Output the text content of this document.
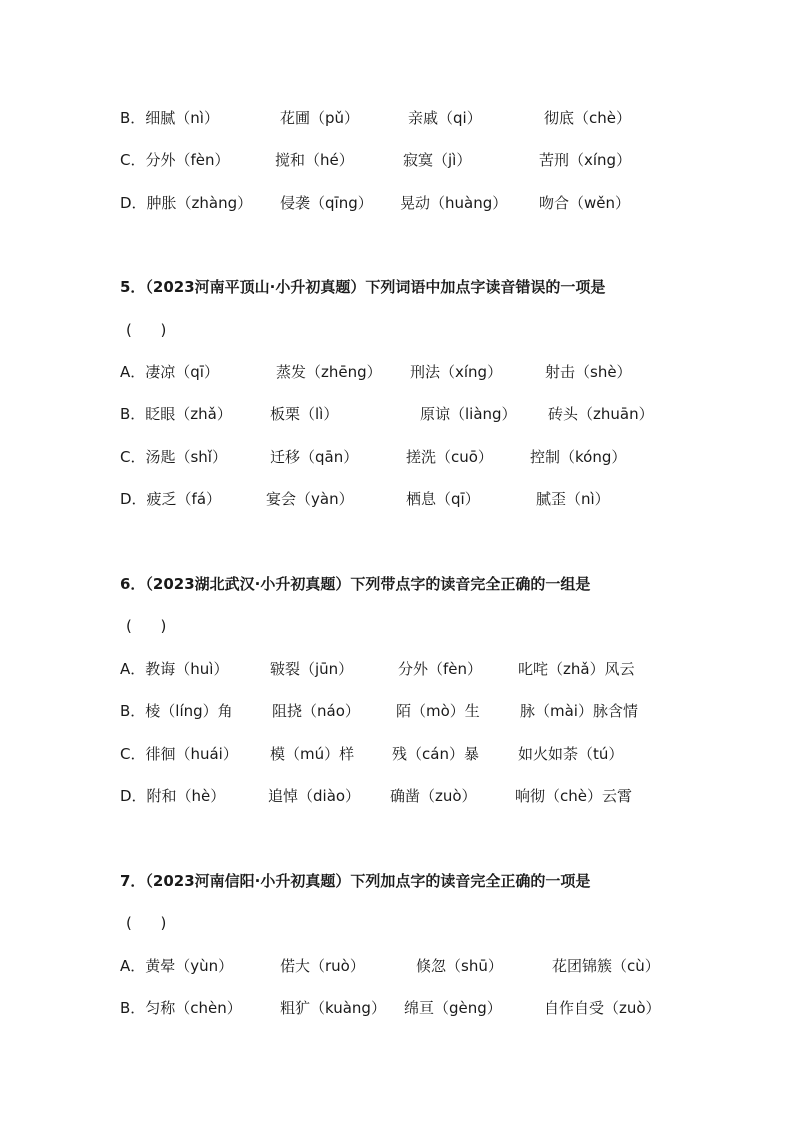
B．细腻（nì）	花圃（pǔ）	亲戚（qi）	彻底（chè）
C．分外（fèn）	搅和（hé）	寂寞（jì）	苦刑（xíng）
D．肿胀（zhàng） 侵袭（qīng） 晃动（huàng） 吻合（wěn）
5．（2023河南平顶山·小升初真题）下列词语中加点字读音错误的一项是
(      )
A．凄凉（qī）	蒸发（zhēng） 刑法（xíng）	射击（shè）
B．眨眼（zhǎ）	板栗（lì）	原谅（liàng） 砖头（zhuān）
C．汤匙（shǐ）	迁移（qān）	搓洗（cuō） 控制（kóng）
D．疲乏（fá）	宴会（yàn）	栖息（qī）	腻歪（nì）
6．（2023湖北武汉·小升初真题）下列带点字的读音完全正确的一组是
(      )
A．教诲（huì）	皲裂（jūn）	分外（fèn） 叱咤（zhǎ）风云
B．棱（líng）角	阻挠（náo） 陌（mò）生	脉（mài）脉含情
C．徘徊（huái） 模（mú）样	残（cán）暴	如火如荼（tú）
D．附和（hè）	追悼（diào） 确凿（zuò）	响彻（chè）云霄
7．（2023河南信阳·小升初真题）下列加点字的读音完全正确的一项是
(      )
A．黄晕（yùn）	偌大（ruò）	倏忽（shū）	花团锦簇（cù）
B．匀称（chèn）	粗犷（kuàng） 绵亘（gèng）	自作自受（zuò）
